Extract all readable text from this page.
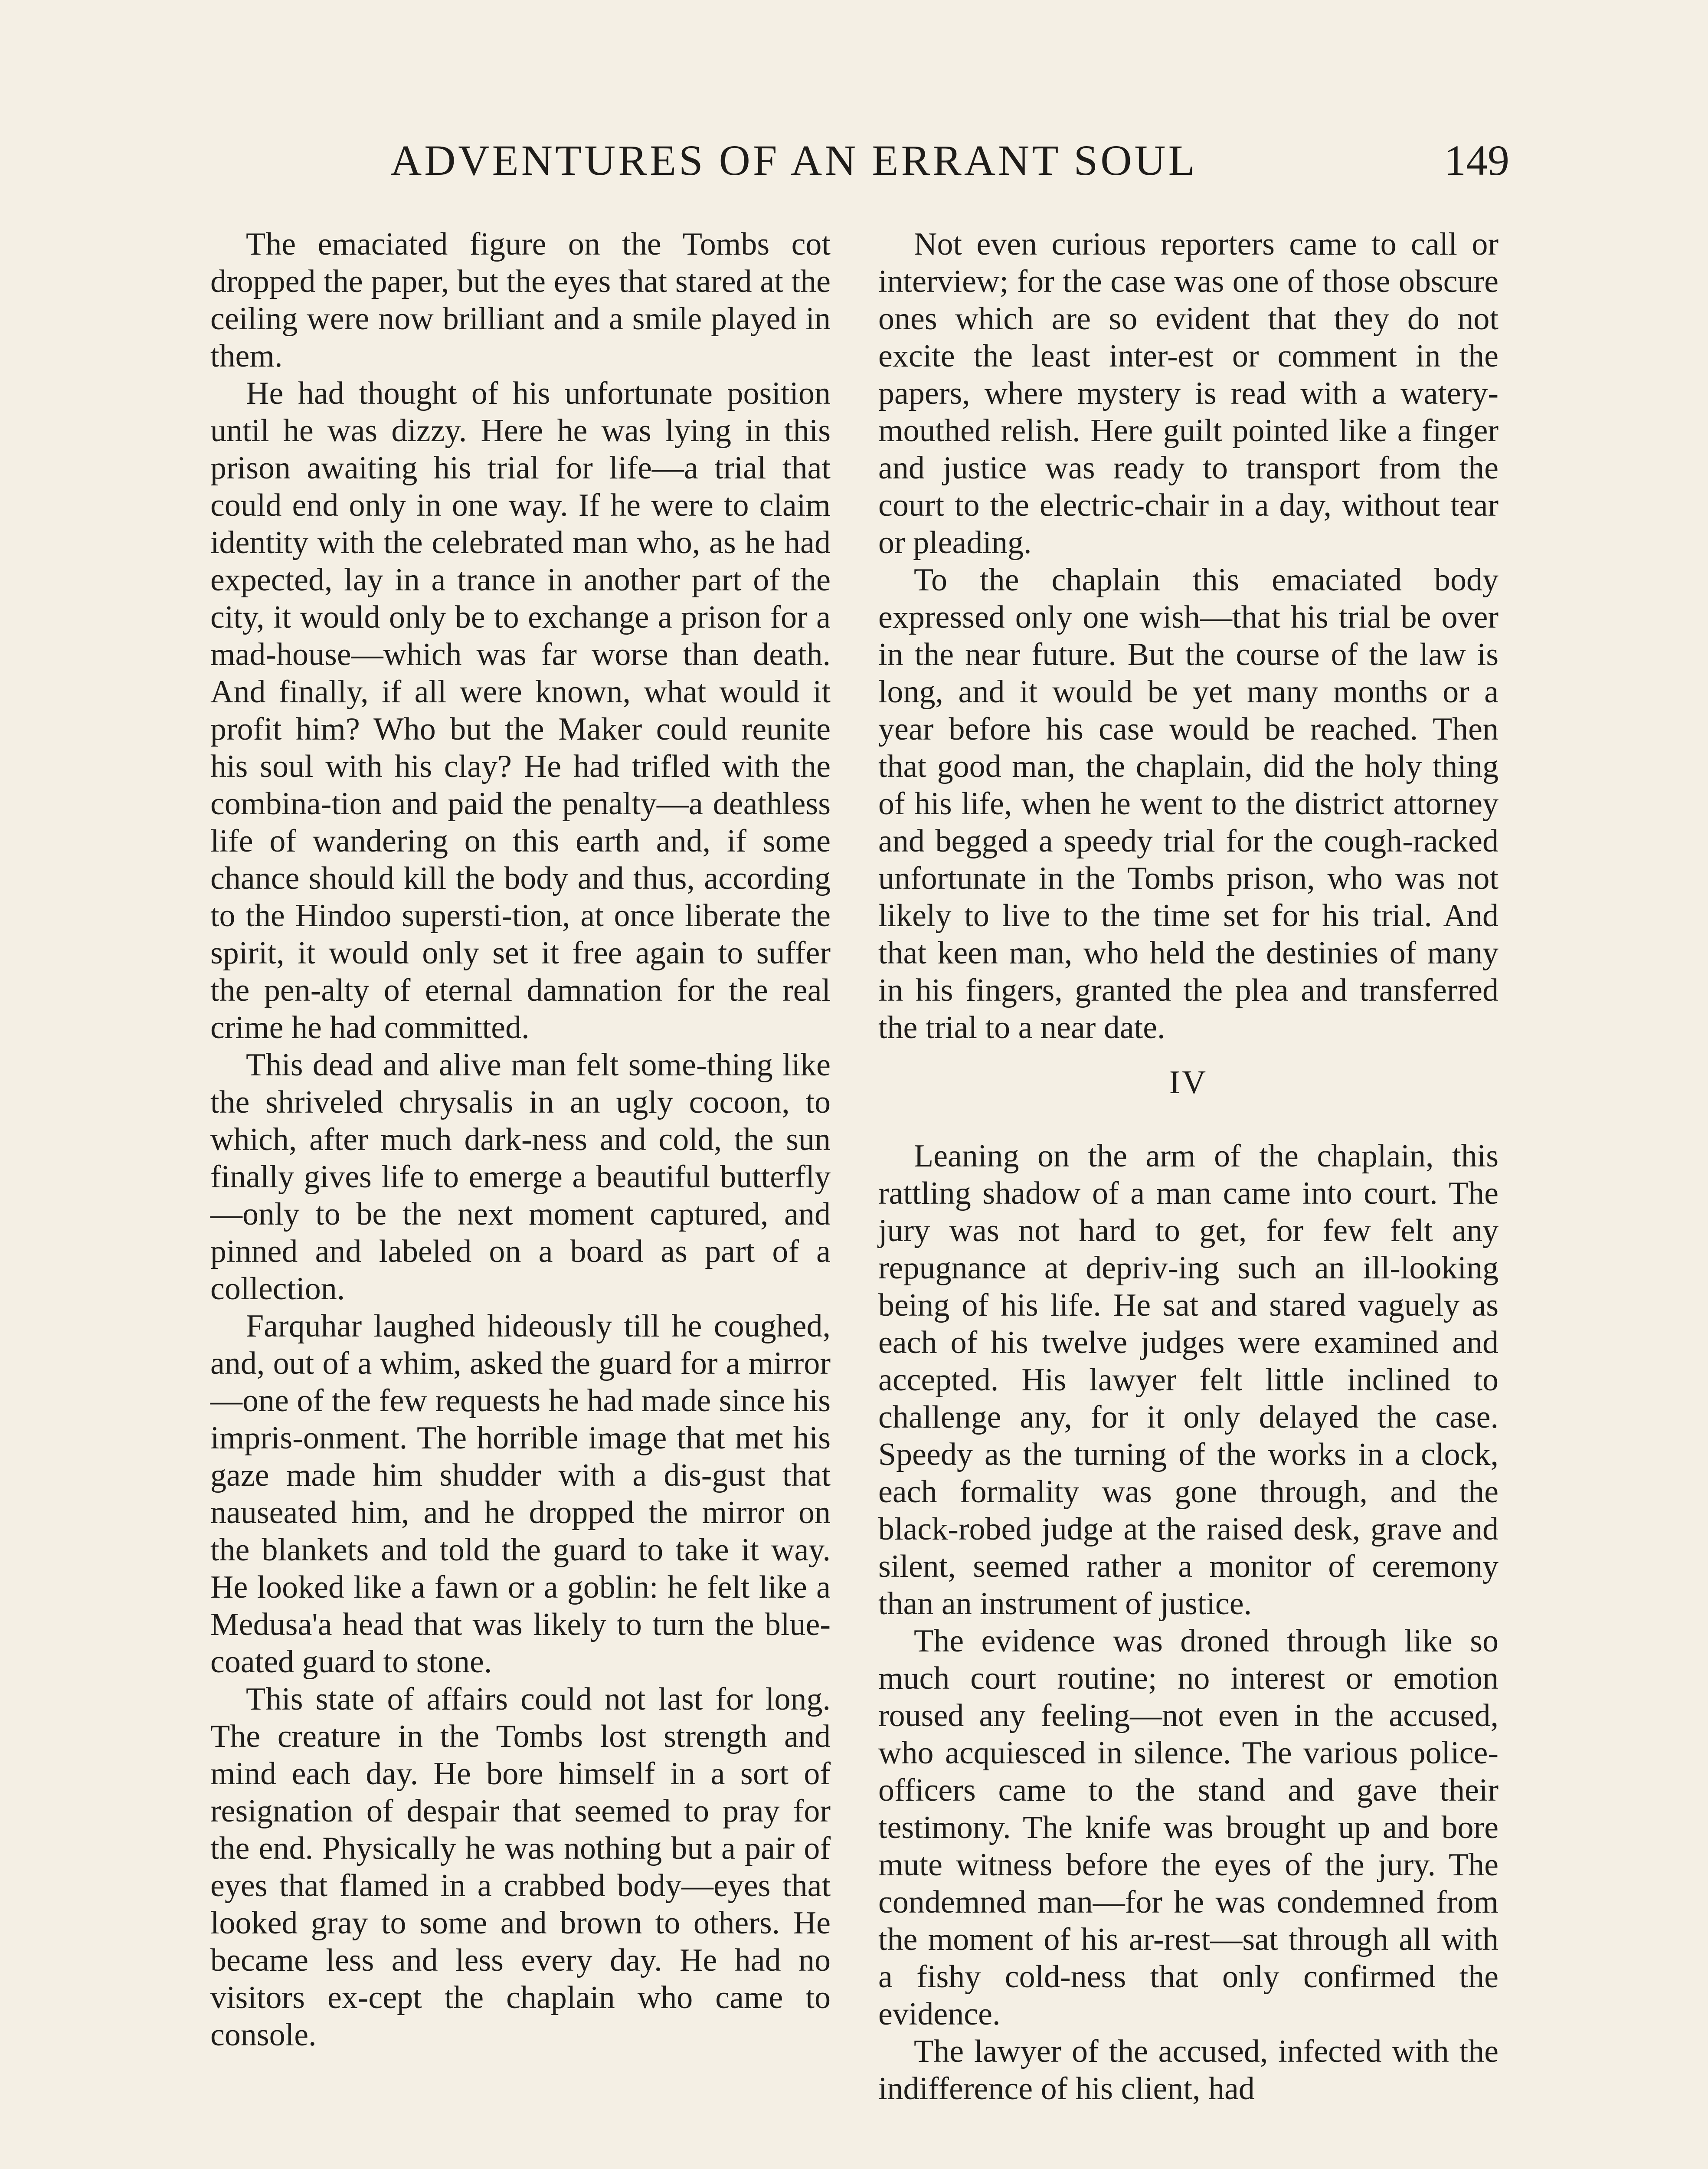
ADVENTURES OF AN ERRANT SOUL	149

The emaciated figure on the Tombs cot dropped the paper, but the eyes that stared at the ceiling were now brilliant and a smile played in them.

He had thought of his unfortunate position until he was dizzy. Here he was lying in this prison awaiting his trial for life—a trial that could end only in one way. If he were to claim identity with the celebrated man who, as he had expected, lay in a trance in another part of the city, it would only be to exchange a prison for a mad-house—which was far worse than death. And finally, if all were known, what would it profit him? Who but the Maker could reunite his soul with his clay? He had trifled with the combina-tion and paid the penalty—a deathless life of wandering on this earth and, if some chance should kill the body and thus, according to the Hindoo supersti-tion, at once liberate the spirit, it would only set it free again to suffer the pen-alty of eternal damnation for the real crime he had committed.

This dead and alive man felt some-thing like the shriveled chrysalis in an ugly cocoon, to which, after much dark-ness and cold, the sun finally gives life to emerge a beautiful butterfly—only to be the next moment captured, and pinned and labeled on a board as part of a collection.

Farquhar laughed hideously till he coughed, and, out of a whim, asked the guard for a mirror—one of the few requests he had made since his impris-onment. The horrible image that met his gaze made him shudder with a dis-gust that nauseated him, and he dropped the mirror on the blankets and told the guard to take it way. He looked like a fawn or a goblin: he felt like a Medusa'a head that was likely to turn the blue-coated guard to stone.

This state of affairs could not last for long. The creature in the Tombs lost strength and mind each day. He bore himself in a sort of resignation of despair that seemed to pray for the end. Physically he was nothing but a pair of eyes that flamed in a crabbed body—eyes that looked gray to some and brown to others. He became less and less every day. He had no visitors ex-cept the chaplain who came to console.

Not even curious reporters came to call or interview; for the case was one of those obscure ones which are so evident that they do not excite the least inter-est or comment in the papers, where mystery is read with a watery-mouthed relish. Here guilt pointed like a finger and justice was ready to transport from the court to the electric-chair in a day, without tear or pleading.

To the chaplain this emaciated body expressed only one wish—that his trial be over in the near future. But the course of the law is long, and it would be yet many months or a year before his case would be reached. Then that good man, the chaplain, did the holy thing of his life, when he went to the district attorney and begged a speedy trial for the cough-racked unfortunate in the Tombs prison, who was not likely to live to the time set for his trial. And that keen man, who held the destinies of many in his fingers, granted the plea and transferred the trial to a near date.

IV

Leaning on the arm of the chaplain, this rattling shadow of a man came into court. The jury was not hard to get, for few felt any repugnance at depriv-ing such an ill-looking being of his life. He sat and stared vaguely as each of his twelve judges were examined and accepted. His lawyer felt little inclined to challenge any, for it only delayed the case. Speedy as the turning of the works in a clock, each formality was gone through, and the black-robed judge at the raised desk, grave and silent, seemed rather a monitor of ceremony than an instrument of justice.

The evidence was droned through like so much court routine; no interest or emotion roused any feeling—not even in the accused, who acquiesced in silence. The various police-officers came to the stand and gave their testimony. The knife was brought up and bore mute witness before the eyes of the jury. The condemned man—for he was condemned from the moment of his ar-rest—sat through all with a fishy cold-ness that only confirmed the evidence.

The lawyer of the accused, infected with the indifference of his client, had
